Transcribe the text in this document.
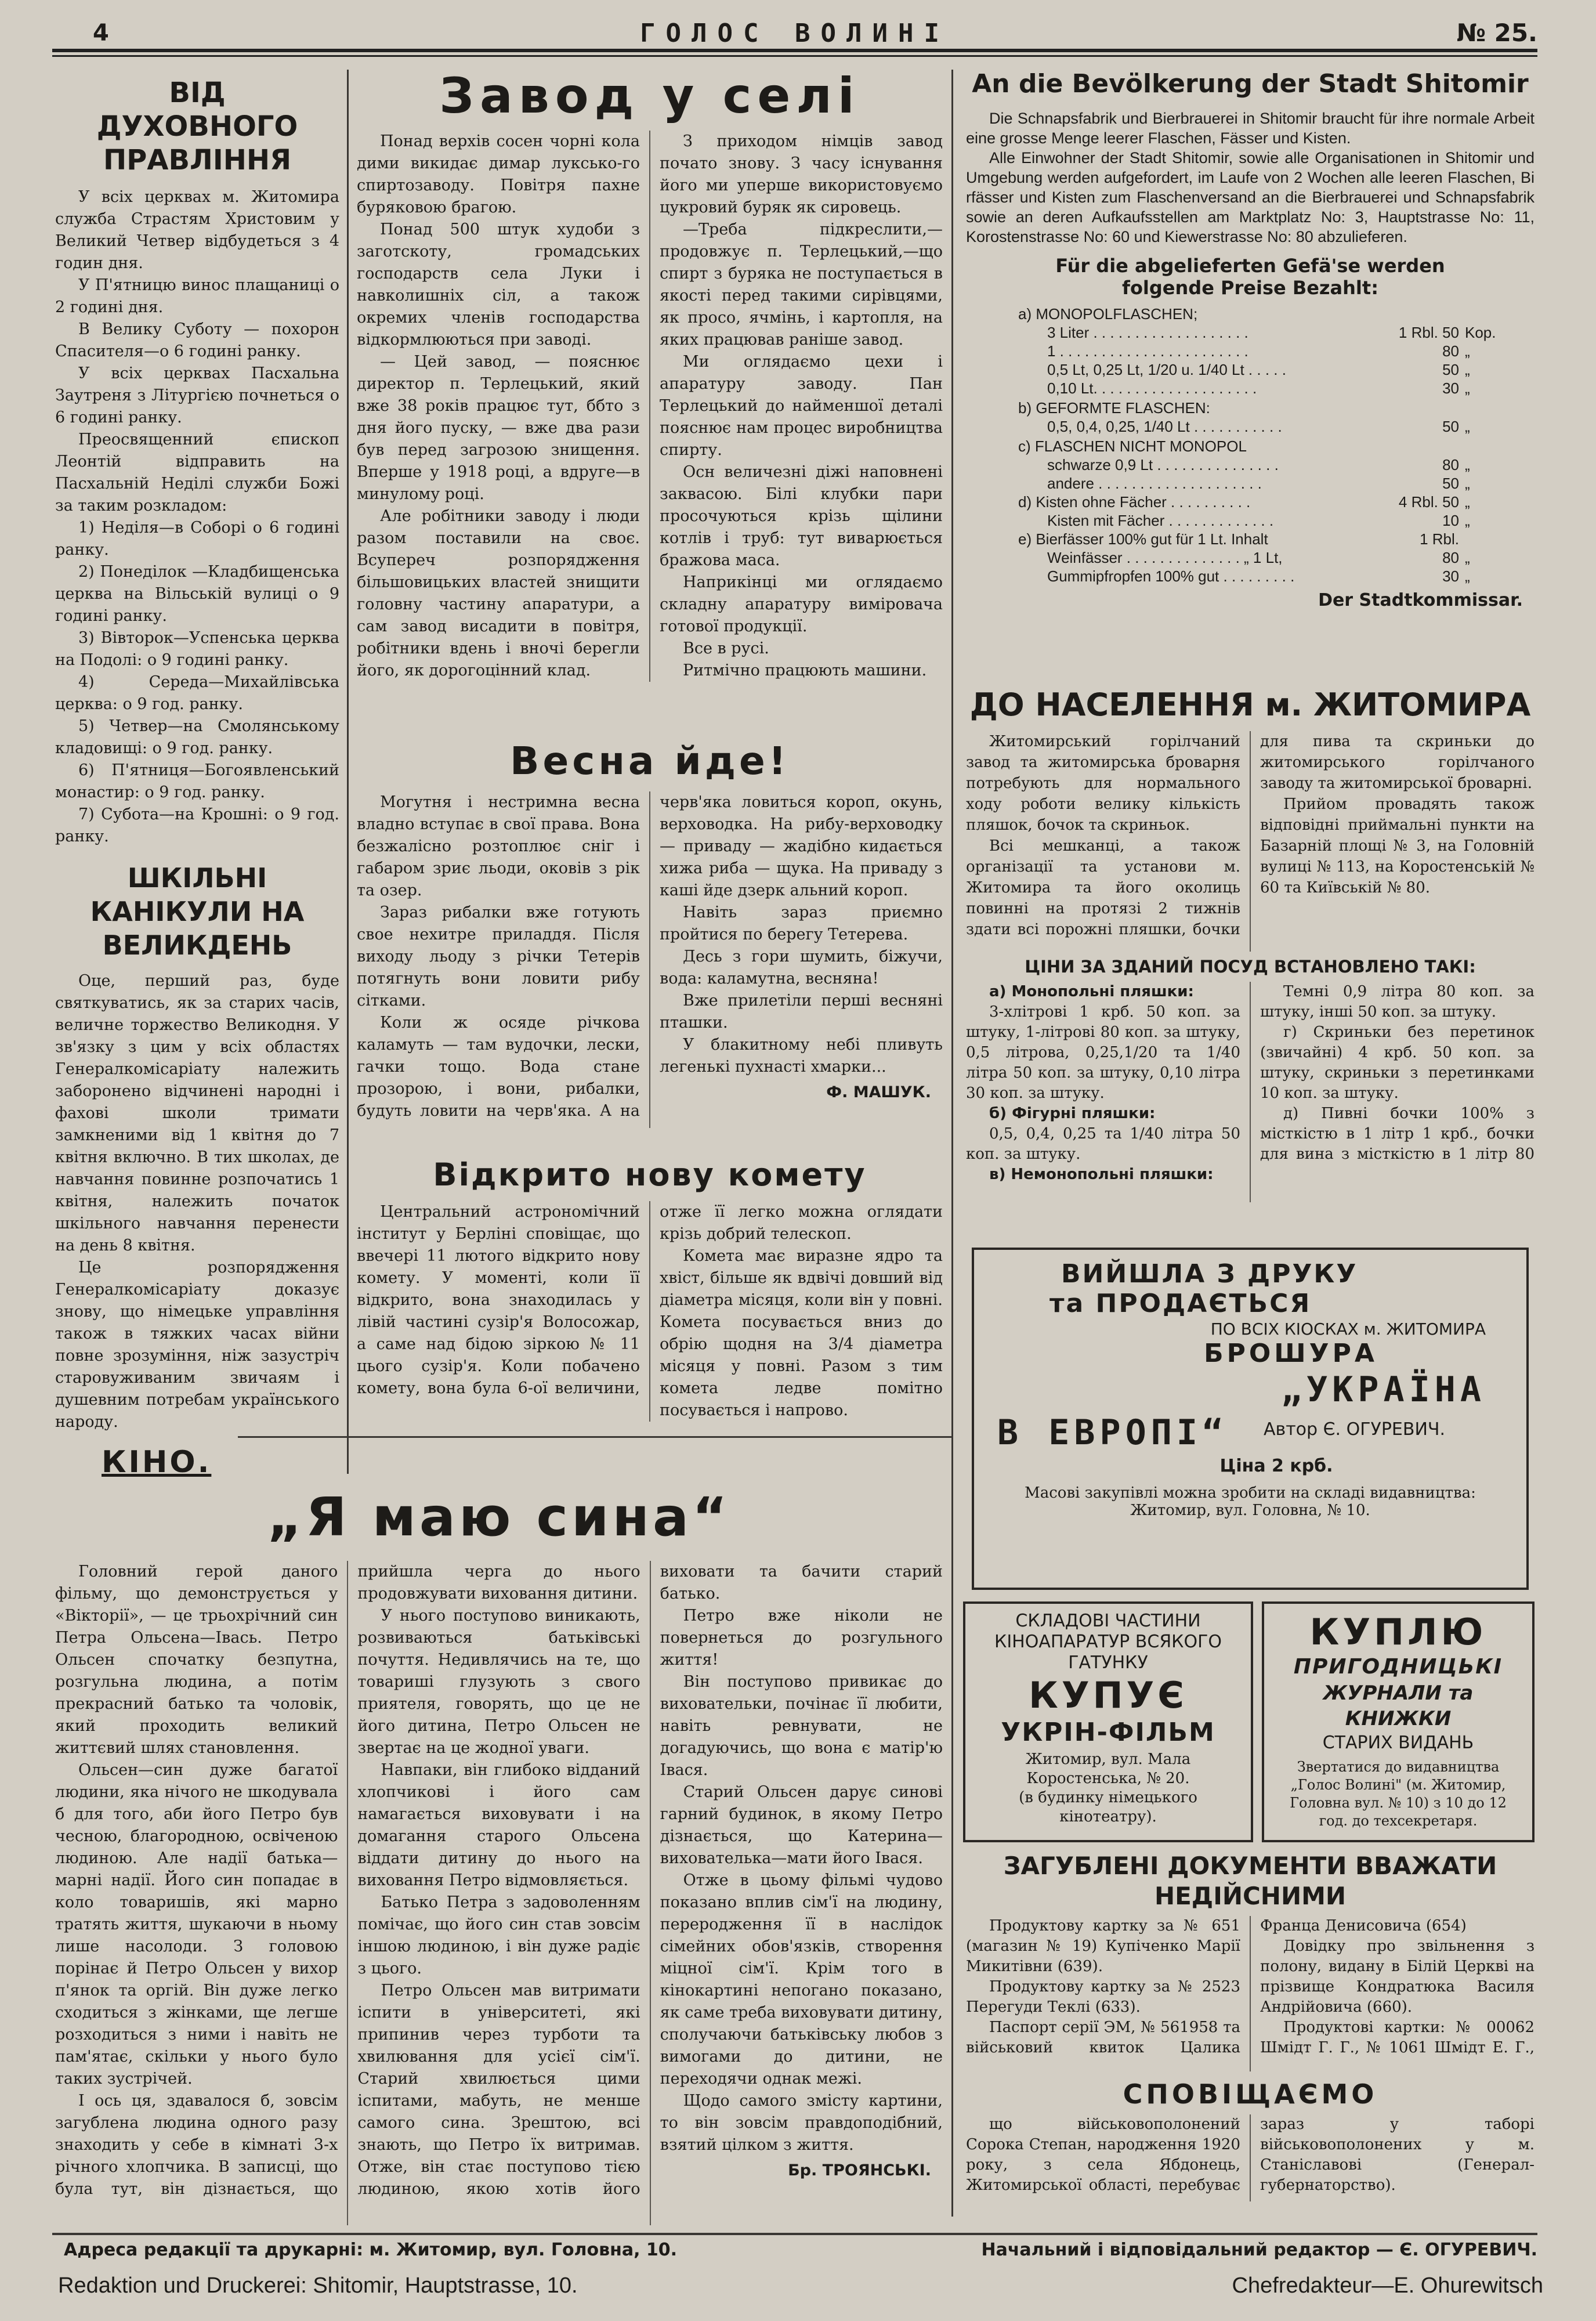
4	ГОЛОС ВОЛИНІ	№ 25.
ВІД ДУХОВНОГО ПРАВЛІННЯ

У всіх церквах м. Житомира служба Страстям Христовим у Великий Четвер відбудеться з 4 годин дня.

У П'ятницю винос плащаниці о 2 годині дня.

В Велику Суботу — похорон Спасителя—о 6 годині ранку.

У всіх церквах Пасхальна Заутреня з Літургією почнеться о 6 годині ранку.

Преосвященний єпископ Леонтій відправить на Пасхальній Неділі служби Божі за таким розкладом:

1) Неділя—в Соборі о 6 годині ранку.

2) Понеділок —Кладбищенська церква на Вільській вулиці о 9 годині ранку.

3) Вівторок—Успенська церква на Подолі: о 9 годині ранку.

4) Середа—Михайлівська церква: о 9 год. ранку.

5) Четвер—на Смолянському кладовищі: о 9 год. ранку.

6) П'ятниця—Богоявленський монастир: о 9 год. ранку.

7) Субота—на Крошні: о 9 год. ранку.

ШКІЛЬНІ КАНІКУЛИ НА ВЕЛИКДЕНЬ

Оце, перший раз, буде святкуватись, як за старих часів, величне торжество Великодня. У зв'язку з цим у всіх областях Генералкомісаріату належить заборонено відчинені народні і фахові школи тримати замкненими від 1 квітня до 7 квітня включно. В тих школах, де навчання повинне розпочатись 1 квітня, належить початок шкільного навчання перенести на день 8 квітня.

Це розпорядження Генералкомісаріату доказує знову, що німецьке управління також в тяжких часах війни повне зрозуміння, ніж зазустріч старовуживаним звичаям і душевним потребам українського народу.

Завод у селі

Понад верхів сосен чорні кола дими викидає димар луксько-го спиртозаводу. Повітря пахне буряковою брагою.

Понад 500 штук худоби з заготскоту, громадських господарств села Луки і навколишніх сіл, а також окремих членів господарства відкормлюються при заводі.

— Цей завод, — пояснює директор п. Терлецький, який вже 38 років працює тут, ббто з дня його пуску, — вже два рази був перед загрозою знищення. Вперше у 1918 році, а вдруге—в минулому році.

Але робітники заводу і люди разом поставили на своє. Всупереч розпорядження більшовицьких властей знищити головну частину апаратури, а сам завод висадити в повітря, робітники вдень і вночі берегли його, як дорогоцінний клад.

З приходом німців завод почато знову. З часу існування його ми уперше використовуємо цукровий буряк як сировець.

—Треба підкреслити,—продовжує п. Терлецький,—що спирт з буряка не поступається в якості перед такими сирівцями, як просо, ячмінь, і картопля, на яких працював раніше завод.

Ми оглядаємо цехи і апаратуру заводу. Пан Терлецький до найменшої деталі пояснює нам процес виробництва спирту.

Осн величезні діжі наповнені заквасою. Білі клубки пари просочуються крізь щілини котлів і труб: тут виварюється бражова маса.

Наприкінці ми оглядаємо складну апаратуру виміровача готової продукції.

Все в русі.

Ритмічно працюють машини.

Весна йде!

Могутня і нестримна весна владно вступає в свої права. Вона безжалісно розтоплює сніг і габаром зриє льоди, оковів з рік та озер.

Зараз рибалки вже готують свое нехитре приладдя. Після виходу льоду з річки Тетерів потягнуть вони ловити рибу сітками.

Коли ж осяде річкова каламуть — там вудочки, лески, гачки тощо. Вода стане прозорою, і вони, рибалки, будуть ловити на черв'яка. А на черв'яка ловиться короп, окунь, верховодка. На рибу-верховодку — приваду — жадібно кидається хижа риба — щука. На приваду з каші йде дзерк альний короп.

Навіть зараз приємно пройтися по берегу Тетерева.

Десь з гори шумить, біжучи, вода: каламутна, весняна!

Вже прилетіли перші весняні пташки.

У блакитному небі пливуть легенькі пухнасті хмарки...

Ф. МАШУК.
Відкрито нову комету

Центральний астрономічний інститут у Берліні сповіщає, що ввечері 11 лютого відкрито нову комету. У моменті, коли її відкрито, вона знаходилась у лівій частині сузір'я Волосожар, а саме над бідою зіркою № 11 цього сузір'я. Коли побачено комету, вона була 6-ої величини, отже її легко можна оглядати крізь добрий телескоп.

Комета має виразне ядро та хвіст, більше як вдвічі довший від діаметра місяця, коли він у повні. Комета посувається вниз до обрію щодня на 3/4 діаметра місяця у повні. Разом з тим комета ледве помітно посувається і напрово.

КІНО.
„Я маю сина“

Головний герой даного фільму, що демонструється у «Вікторії», — це трьохрічний син Петра Ольсена—Івась. Петро Ольсен спочатку безпутна, розгульна людина, а потім прекрасний батько та чоловік, який проходить великий життєвий шлях становлення.

Ольсен—син дуже багатої людини, яка нічого не шкодувала б для того, аби його Петро був чесною, благородною, освіченою людиною. Але надії батька—марні надії. Його син попадає в коло товаришів, які марно тратять життя, шукаючи в ньому лише насолоди. З головою порінає й Петро Ольсен у вихор п'янок та оргій. Він дуже легко сходиться з жінками, ще легше розходиться з ними і навіть не пам'ятає, скільки у нього було таких зустрічей.

І ось ця, здавалося б, зовсім загублена людина одного разу знаходить у себе в кімнаті 3-х річного хлопчика. В записці, що була тут, він дізнається, що прийшла черга до нього продовжувати виховання дитини.

У нього поступово виникають, розвиваються батьківські почуття. Недивлячись на те, що товариші глузують з свого приятеля, говорять, що це не його дитина, Петро Ольсен не звертає на це жодної уваги.

Навпаки, він глибоко відданий хлопчикові і його сам намагається виховувати і на домагання старого Ольсена віддати дитину до нього на виховання Петро відмовляється.

Батько Петра з задоволенням помічає, що його син став зовсім іншою людиною, і він дуже радіє з цього.

Петро Ольсен мав витримати іспити в університеті, які припинив через турботи та хвилювання для усієї сім'ї. Старий хвилюється цими іспитами, мабуть, не менше самого сина. Зрештою, всі знають, що Петро їх витримав. Отже, він стає поступово тією людиною, якою хотів його виховати та бачити старий батько.

Петро вже ніколи не повернеться до розгульного життя!

Він поступово привикає до виховательки, почінає її любити, навіть ревнувати, не догадуючись, що вона є матір'ю Івася.

Старий Ольсен дарує синові гарний будинок, в якому Петро дізнається, що Катерина—вихователька—мати його Івася.

Отже в цьому фільмі чудово показано вплив сім'ї на людину, переродження її в наслідок сімейних обов'язків, створення міцної сім'ї. Крім того в кінокартині непогано показано, як саме треба виховувати дитину, сполучаючи батьківську любов з вимогами до дитини, не переходячи однак межі.

Щодо самого змісту картини, то він зовсім правдоподібний, взятий цілком з життя.

Бр. ТРОЯНСЬКІ.
An die Bevölkerung der Stadt Shitomir

Die Schnapsfabrik und Bierbrauerei in Shitomir braucht für ihre normale Arbeit eine grosse Menge leerer Flaschen, Fässer und Kisten.

Alle Einwohner der Stadt Shitomir, sowie alle Organisationen in Shitomir und Umgebung werden aufgefordert, im Laufe von 2 Wochen alle leeren Flaschen, Bi rfässer und Kisten zum Flaschenversand an die Bierbrauerei und Schnapsfabrik sowie an deren Aufkaufsstellen am Marktplatz No: 3, Hauptstrasse No: 11, Korostenstrasse No: 60 und Kiewerstrasse No: 80 abzulieferen.

Für die abgelieferten Gefä'se werden folgende Preise Bezahlt:
a) MONOPOLFLASCHEN;
3 Liter . . . . . . . . . . . . . . . . . . .	1 Rbl. 50 Kop.
1 . . . . . . . . . . . . . . . . . . . . . . .	80 „
0,5 Lt, 0,25 Lt, 1/20 u. 1/40 Lt . . . . .	50 „
0,10 Lt. . . . . . . . . . . . . . . . . . . .	30 „
b) GEFORMTE FLASCHEN:
0,5, 0,4, 0,25, 1/40 Lt . . . . . . . . . . .	50 „
c) FLASCHEN NICHT MONOPOL
schwarze 0,9 Lt . . . . . . . . . . . . . . .	80 „
andere . . . . . . . . . . . . . . . . . . . .	50 „
d) Kisten ohne Fächer . . . . . . . . . .	4 Rbl. 50 „
Kisten mit Fächer . . . . . . . . . . . . .	10 „
e) Bierfässer 100% gut für 1 Lt. Inhalt	1 Rbl.
Weinfässer . . . . . . . . . . . . . . „ 1 Lt,	80 „
Gummipfropfen 100% gut . . . . . . . . .	30 „
Der Stadtkommissar.
ДО НАСЕЛЕННЯ м. ЖИТОМИРА

Житомирський горілчаний завод та житомирська броварня потребують для нормального ходу роботи велику кількість пляшок, бочок та скриньок.

Всі мешканці, а також організації та установи м. Житомира та його околиць повинні на протязі 2 тижнів здати всі порожні пляшки, бочки для пива та скриньки до житомирського горілчаного заводу та житомирської броварні.

Прийом провадять також відповідні приймальні пункти на Базарній площі № 3, на Головній вулиці № 113, на Коростенській № 60 та Київській № 80.

ЦІНИ ЗА ЗДАНИЙ ПОСУД ВСТАНОВЛЕНО ТАКІ:

а) Монопольні пляшки:

3-хлітрові 1 крб. 50 коп. за штуку, 1-літрові 80 коп. за штуку, 0,5 літрова, 0,25,1/20 та 1/40 літра 50 коп. за штуку, 0,10 літра 30 коп. за штуку.

б) Фігурні пляшки:

0,5, 0,4, 0,25 та 1/40 літра 50 коп. за штуку.

в) Немонопольні пляшки:

Темні 0,9 літра 80 коп. за штуку, інші 50 коп. за штуку.

г) Скриньки без перетинок (звичайні) 4 крб. 50 коп. за штуку, скриньки з перетинками 10 коп. за штуку.

д) Пивні бочки 100% з місткістю в 1 літр 1 крб., бочки для вина з місткістю в 1 літр 80

ВИЙШЛА З ДРУКУ
та ПРОДАЄТЬСЯ
ПО ВСІХ КІОСКАХ м. ЖИТОМИРА
БРОШУРА
„УКРАЇНА
В ЕВРОПІ“	Автор Є. ОГУРЕВИЧ.
Ціна 2 крб.
Масові закупівлі можна зробити на складі видавництва:
Житомир, вул. Головна, № 10.
СКЛАДОВІ ЧАСТИНИ КІНОАПАРАТУР ВСЯКОГО ГАТУНКУ
КУПУЄ
УКРІН-ФІЛЬМ
Житомир, вул. Мала Коростенська, № 20.
(в будинку німецького кінотеатру).
КУПЛЮ
ПРИГОДНИЦЬКІ
ЖУРНАЛИ та КНИЖКИ
СТАРИХ ВИДАНЬ
Звертатися до видавництва „Голос Волині" (м. Житомир, Головна вул. № 10) з 10 до 12 год. до техсекретаря.
ЗАГУБЛЕНІ ДОКУМЕНТИ ВВАЖАТИ НЕДІЙСНИМИ

Продуктову картку за № 651 (магазин № 19) Купіченко Марії Микитівни (639).

Продуктову картку за № 2523 Перегуди Теклі (633).

Паспорт серії ЭМ, № 561958 та військовий квиток Цалика Франца Денисовича (654)

Довідку про звільнення з полону, видану в Білій Церкві на прізвище Кондратюка Василя Андрійовича (660).

Продуктові картки: № 00062 Шмідт Г. Г., № 1061 Шмідт Е. Г.,

СПОВІЩАЄМО

що військовополонений Сорока Степан, народження 1920 року, з села Ябдонець, Житомирської області, перебуває зараз у таборі військовополонених у м. Станіславові (Генерал-губернаторство).

Адреса редакції та друкарні: м. Житомир, вул. Головна, 10.	Начальний і відповідальний редактор — Є. ОГУРЕВИЧ.
Redaktion und Druckerei: Shitomir, Hauptstrasse, 10.	Chefredakteur—E. Ohurewitsch
